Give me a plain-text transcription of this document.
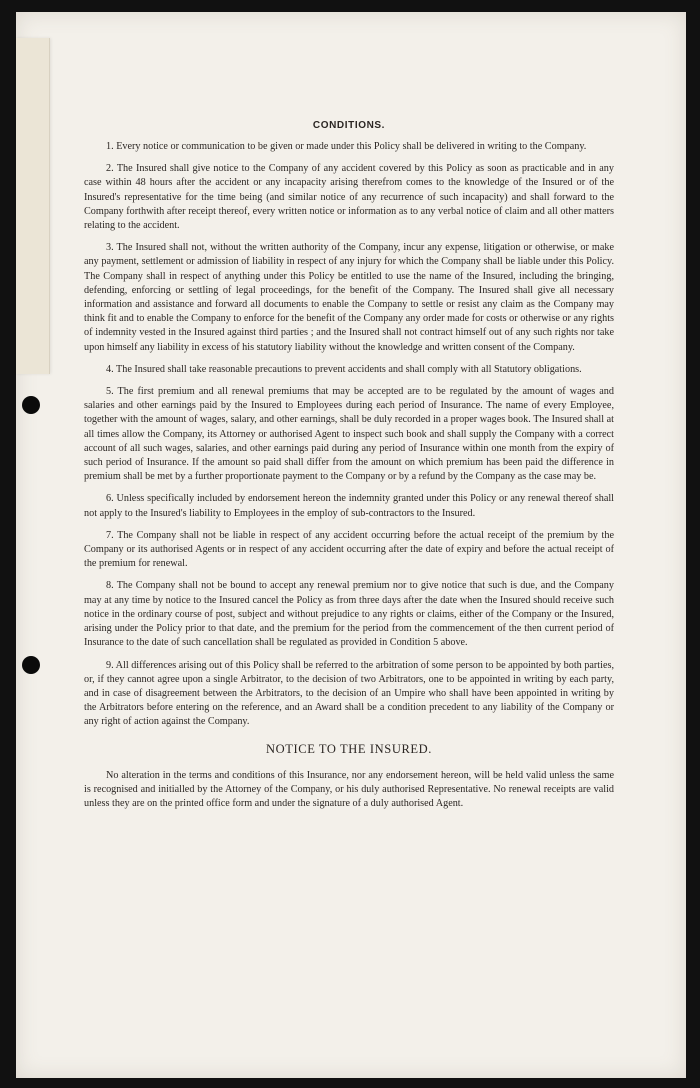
CONDITIONS.

1. Every notice or communication to be given or made under this Policy shall be delivered in writing to the Company.

2. The Insured shall give notice to the Company of any accident covered by this Policy as soon as practicable and in any case within 48 hours after the accident or any incapacity arising therefrom comes to the knowledge of the Insured or of the Insured's representative for the time being (and similar notice of any recurrence of such incapacity) and shall forward to the Company forthwith after receipt thereof, every written notice or information as to any verbal notice of claim and all other matters relating to the accident.

3. The Insured shall not, without the written authority of the Company, incur any expense, litigation or otherwise, or make any payment, settlement or admission of liability in respect of any injury for which the Company shall be liable under this Policy. The Company shall in respect of anything under this Policy be entitled to use the name of the Insured, including the bringing, defending, enforcing or settling of legal proceedings, for the benefit of the Company. The Insured shall give all necessary information and assistance and forward all documents to enable the Company to settle or resist any claim as the Company may think fit and to enable the Company to enforce for the benefit of the Company any order made for costs or otherwise or any rights of indemnity vested in the Insured against third parties ; and the Insured shall not contract himself out of any such rights nor take upon himself any liability in excess of his statutory liability without the knowledge and written consent of the Company.

4. The Insured shall take reasonable precautions to prevent accidents and shall comply with all Statutory obligations.

5. The first premium and all renewal premiums that may be accepted are to be regulated by the amount of wages and salaries and other earnings paid by the Insured to Employees during each period of Insurance. The name of every Employee, together with the amount of wages, salary, and other earnings, shall be duly recorded in a proper wages book. The Insured shall at all times allow the Company, its Attorney or authorised Agent to inspect such book and shall supply the Company with a correct account of all such wages, salaries, and other earnings paid during any period of Insurance within one month from the expiry of such period of Insurance. If the amount so paid shall differ from the amount on which premium has been paid the difference in premium shall be met by a further proportionate payment to the Company or by a refund by the Company as the case may be.

6. Unless specifically included by endorsement hereon the indemnity granted under this Policy or any renewal thereof shall not apply to the Insured's liability to Employees in the employ of sub-contractors to the Insured.

7. The Company shall not be liable in respect of any accident occurring before the actual receipt of the premium by the Company or its authorised Agents or in respect of any accident occurring after the date of expiry and before the actual receipt of the premium for renewal.

8. The Company shall not be bound to accept any renewal premium nor to give notice that such is due, and the Company may at any time by notice to the Insured cancel the Policy as from three days after the date when the Insured should receive such notice in the ordinary course of post, subject and without prejudice to any rights or claims, either of the Company or the Insured, arising under the Policy prior to that date, and the premium for the period from the commencement of the then current period of Insurance to the date of such cancellation shall be regulated as provided in Condition 5 above.

9. All differences arising out of this Policy shall be referred to the arbitration of some person to be appointed by both parties, or, if they cannot agree upon a single Arbitrator, to the decision of two Arbitrators, one to be appointed in writing by each party, and in case of disagreement between the Arbitrators, to the decision of an Umpire who shall have been appointed in writing by the Arbitrators before entering on the reference, and an Award shall be a condition precedent to any liability of the Company or any right of action against the Company.

NOTICE TO THE INSURED.

No alteration in the terms and conditions of this Insurance, nor any endorsement hereon, will be held valid unless the same is recognised and initialled by the Attorney of the Company, or his duly authorised Representative. No renewal receipts are valid unless they are on the printed office form and under the signature of a duly authorised Agent.
